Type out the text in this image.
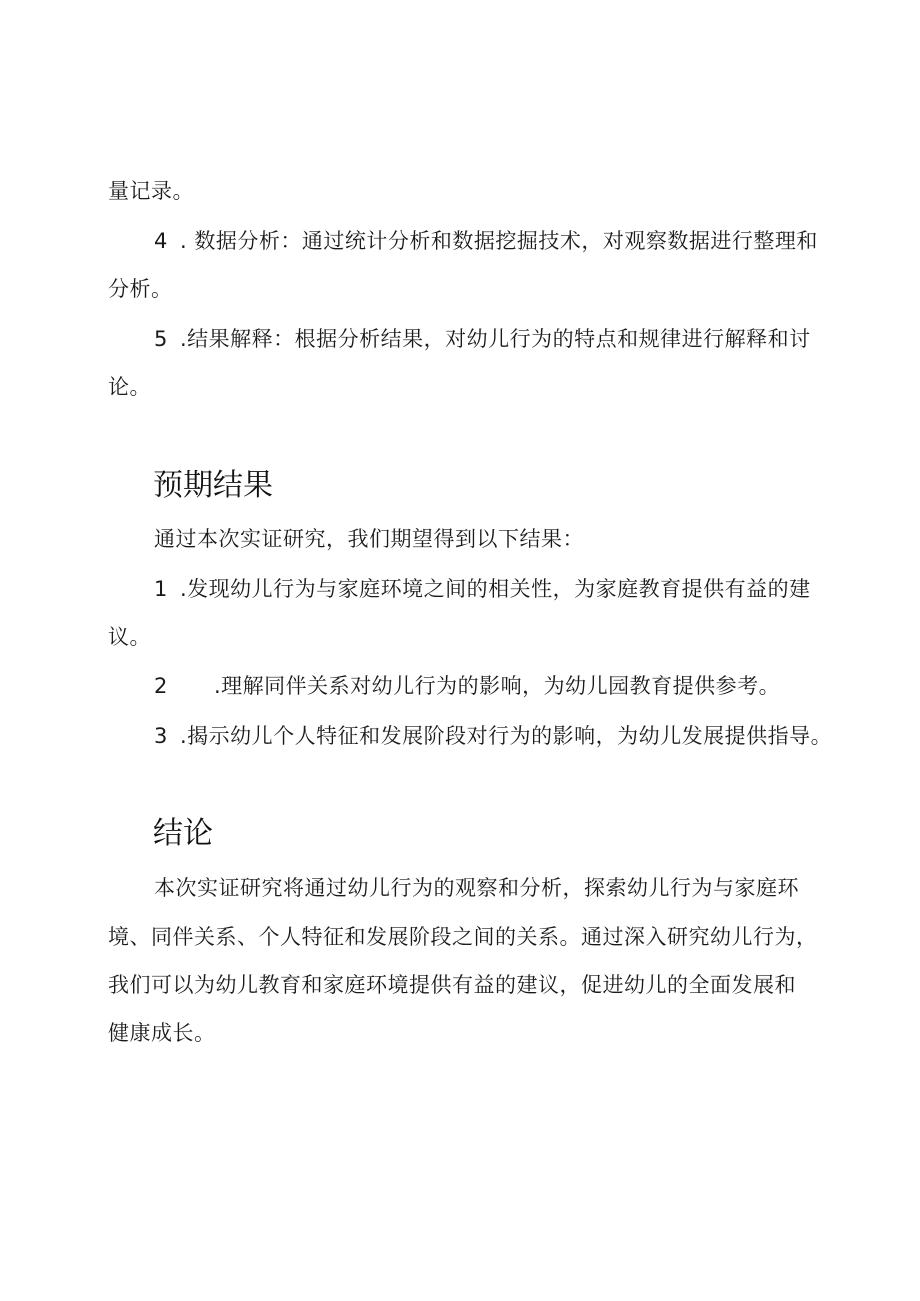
量记录。
4 . 数据分析：通过统计分析和数据挖掘技术，对观察数据进行整理和
分析。
5 .结果解释：根据分析结果，对幼儿行为的特点和规律进行解释和讨
论。
预期结果
通过本次实证研究，我们期望得到以下结果：
1 .发现幼儿行为与家庭环境之间的相关性，为家庭教育提供有益的建
议。
2 .理解同伴关系对幼儿行为的影响，为幼儿园教育提供参考。
3 .揭示幼儿个人特征和发展阶段对行为的影响，为幼儿发展提供指导。
结论
本次实证研究将通过幼儿行为的观察和分析，探索幼儿行为与家庭环
境、同伴关系、个人特征和发展阶段之间的关系。通过深入研究幼儿行为，
我们可以为幼儿教育和家庭环境提供有益的建议，促进幼儿的全面发展和
健康成长。
